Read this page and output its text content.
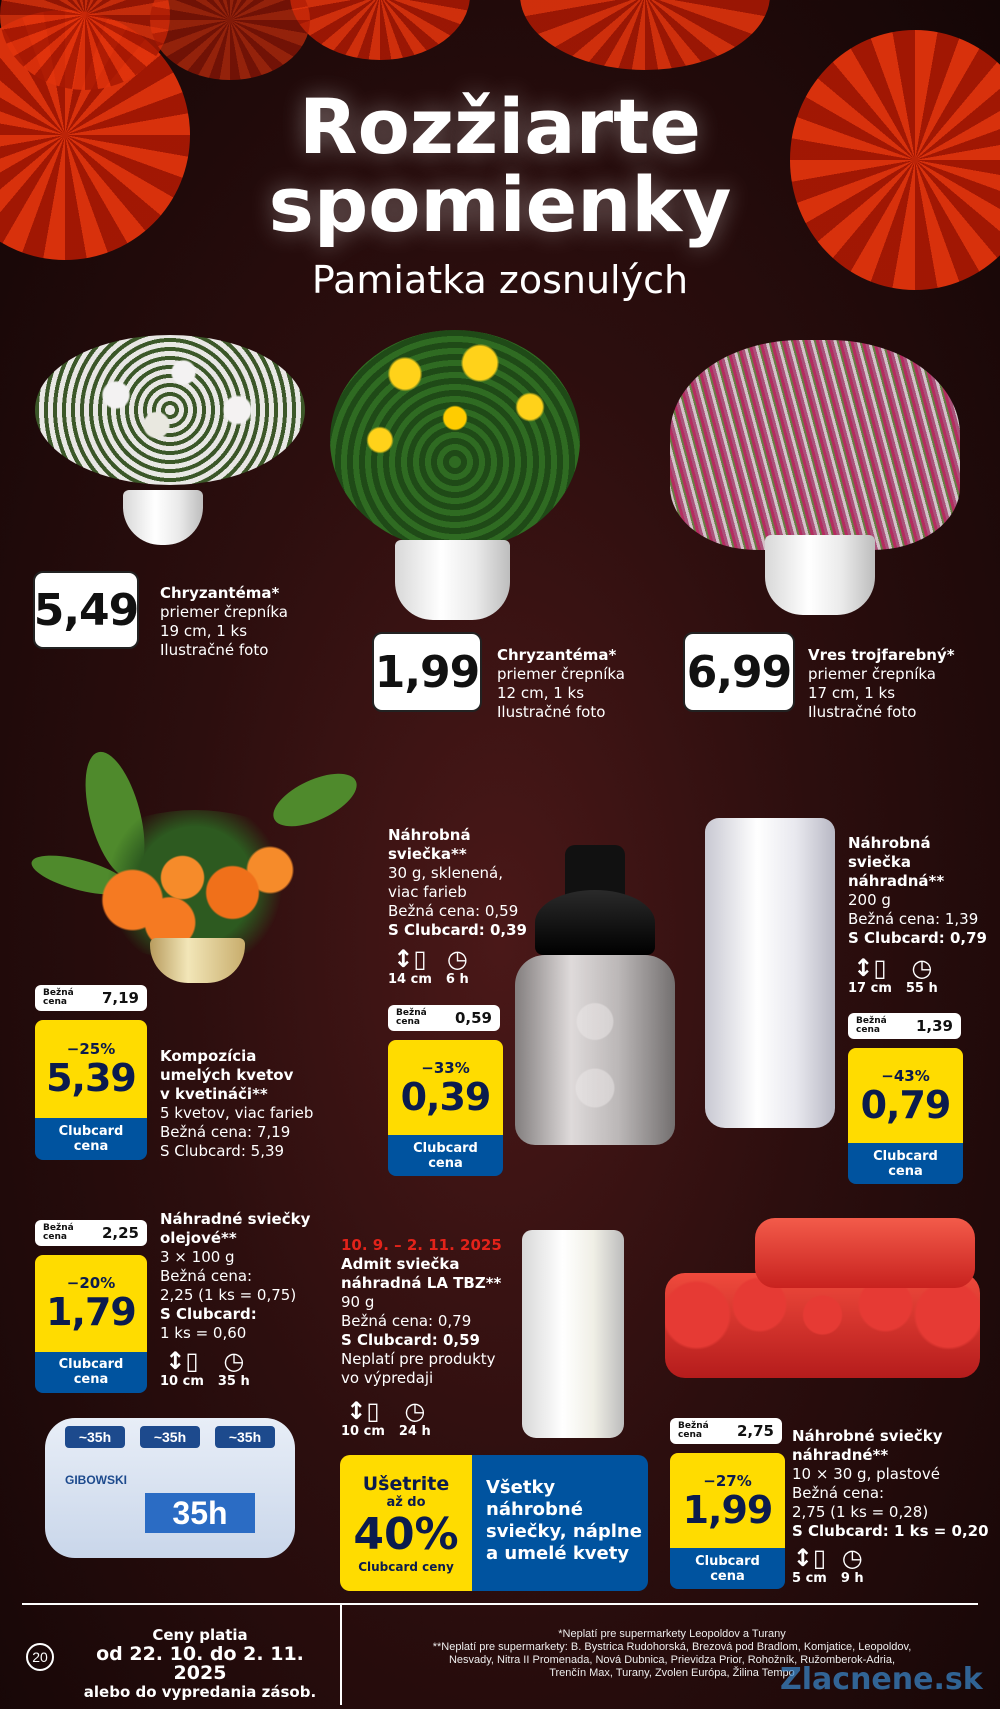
Rozžiarte
spomienky
Pamiatka zosnulých
5,49 Chryzantéma*
priemer črepníka
19 cm, 1 ks
Ilustračné foto	1,99 Chryzantéma*
priemer črepníka
12 cm, 1 ks
Ilustračné foto
6,99 Vres trojfarebný*
priemer črepníka
17 cm, 1 ks
Ilustračné foto
Bežná cena	7,19
−25%
5,39
Clubcard
cena
Kompozícia
umelých kvetov
v kvetináči**
5 kvetov, viac farieb
Bežná cena: 7,19
S Clubcard: 5,39
Náhrobná
sviečka**
30 g, sklenená,
viac farieb
Bežná cena: 0,59
S Clubcard: 0,39
↕▯
14 cm
◷
6 h
Bežná cena	0,59
−33%
0,39
Clubcard
cena
Náhrobná
sviečka
náhradná**
200 g
Bežná cena: 1,39
S Clubcard: 0,79
↕▯
17 cm
◷
55 h
Bežná cena	1,39
−43%
0,79
Clubcard
cena
Bežná cena	2,25
−20%
1,79
Clubcard
cena
Náhradné sviečky
olejové**
3 × 100 g
Bežná cena:
2,25 (1 ks = 0,75)
S Clubcard:
1 ks = 0,60
↕▯
10 cm
◷
35 h
~35h	~35h	~35h
GIBOWSKI
35h
10. 9. – 2. 11. 2025
Admit sviečka
náhradná LA TBZ**
90 g
Bežná cena: 0,79
S Clubcard: 0,59
Neplatí pre produkty
vo výpredaji
↕▯
10 cm
◷
24 h
Ušetrite
až do
40%
Clubcard ceny
Všetky
náhrobné
sviečky, náplne
a umelé kvety
Bežná cena	2,75
−27%
1,99
Clubcard
cena
Náhrobné sviečky
náhradné**
10 × 30 g, plastové
Bežná cena:
2,75 (1 ks = 0,28)
S Clubcard: 1 ks = 0,20
↕▯
5 cm
◷
9 h
20
Ceny platia
od 22. 10. do 2. 11. 2025
alebo do vypredania zásob.
*Neplatí pre supermarkety Leopoldov a Turany
**Neplatí pre supermarkety: B. Bystrica Rudohorská, Brezová pod Bradlom, Komjatice, Leopoldov,
Nesvady, Nitra II Promenada, Nová Dubnica, Prievidza Prior, Rohožník, Ružomberok-Adria,
Trenčín Max, Turany, Zvolen Európa, Žilina Tempo
Zlacnene.sk
